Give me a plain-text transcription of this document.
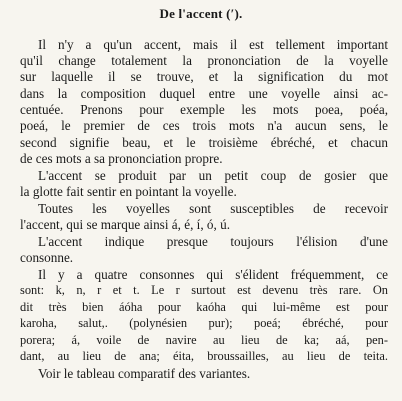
De l'accent (′).
Il n'y a qu'un accent, mais il est tellement important
qu'il change totalement la prononciation de la voyelle
sur laquelle il se trouve, et la signification du mot
dans la composition duquel entre une voyelle ainsi ac-
centuée. Prenons pour exemple les mots poea, poéa,
poeá, le premier de ces trois mots n'a aucun sens, le
second signifie beau, et le troisième ébréché, et chacun
de ces mots a sa prononciation propre.
L'accent se produit par un petit coup de gosier que
la glotte fait sentir en pointant la voyelle.
Toutes les voyelles sont susceptibles de recevoir
l'accent, qui se marque ainsi á, é, í, ó, ú.
L'accent indique presque toujours l'élision d'une
consonne.
Il y a quatre consonnes qui s'élident fréquemment, ce
sont: k, n, r et t. Le r surtout est devenu très rare. On
dit très bien áóha pour kaóha qui lui-même est pour
karoha, salut,. (polynésien pur); poeá; ébréché, pour
porera; á, voile de navire au lieu de ka; aá, pen-
dant, au lieu de ana; éita, broussailles, au lieu de teita.
Voir le tableau comparatif des variantes.
